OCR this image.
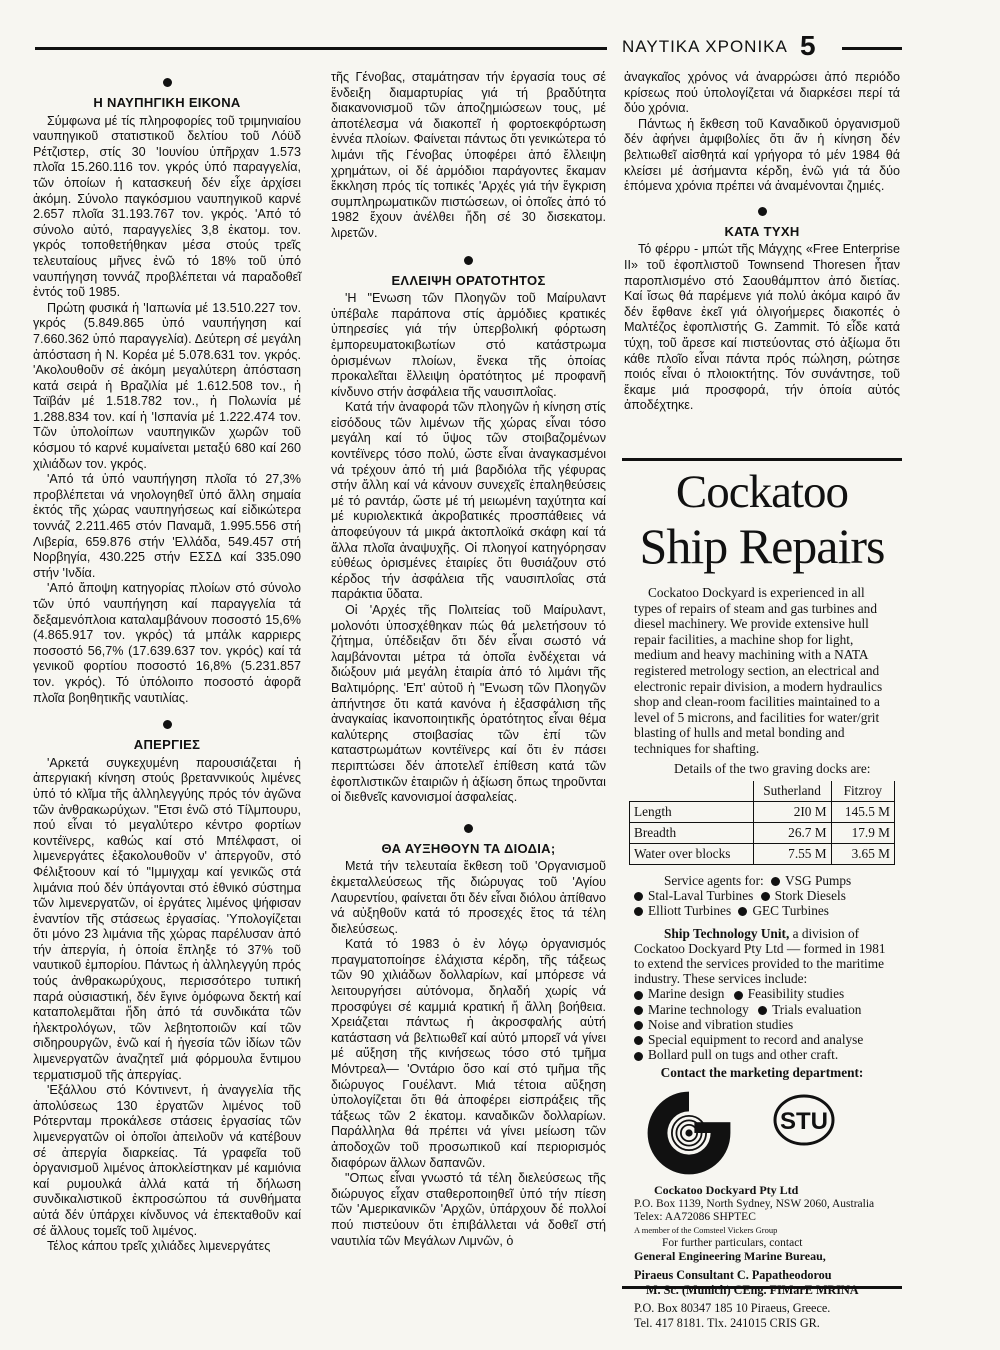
ΝΑΥΤΙΚΑ ΧΡΟΝΙΚΑ 5
Η ΝΑΥΠΗΓΙΚΗ ΕΙΚΟΝΑ

Σύμφωνα μέ τίς πληροφορίες τοῦ τριμηνιαίου ναυπηγικοῦ στατιστικοῦ δελτίου τοῦ Λόϋδ Ρέτζιστερ, στίς 30 'Ιουνίου ὑπῆρχαν 1.573 πλοῖα 15.260.116 τον. γκρός ὑπό παραγγελία, τῶν ὁποίων ἡ κατασκευή δέν εἶχε ἀρχίσει ἀκόμη. Σύνολο παγκόσμιου ναυπηγικοῦ καρνέ 2.657 πλοῖα 31.193.767 τον. γκρός. 'Από τό σύνολο αὐτό, παραγγελίες 3,8 ἑκατομ. τον. γκρός τοποθετήθηκαν μέσα στούς τρεῖς τελευταίους μῆνες ἐνῶ τό 18% τοῦ ὑπό ναυπήγηση τοννάζ προβλέπεται νά παραδοθεῖ ἐντός τοῦ 1985.

Πρώτη φυσικά ἡ 'Ιαπωνία μέ 13.510.227 τον. γκρός (5.849.865 ὑπό ναυπήγηση καί 7.660.362 ὑπό παραγγελία). Δεύτερη σέ μεγάλη ἀπόσταση ἡ Ν. Κορέα μέ 5.078.631 τον. γκρός. 'Ακολουθοῦν σέ ἀκόμη μεγαλύτερη ἀπόσταση κατά σειρά ἡ Βραζιλία μέ 1.612.508 τον., ἡ Ταϊβάν μέ 1.518.782 τον., ἡ Πολωνία μέ 1.288.834 τον. καί ἡ 'Ισπανία μέ 1.222.474 τον. Τῶν ὑπολοίπων ναυπηγικῶν χωρῶν τοῦ κόσμου τό καρνέ κυμαίνεται μεταξύ 680 καί 260 χιλιάδων τον. γκρός.

'Από τά ὑπό ναυπήγηση πλοῖα τό 27,3% προβλέπεται νά νηολογηθεῖ ὑπό ἄλλη σημαία ἐκτός τῆς χώρας ναυπηγήσεως καί εἰδικώτερα τοννάζ 2.211.465 στόν Παναμᾶ, 1.995.556 στή Λιβερία, 659.876 στήν 'Ελλάδα, 549.457 στή Νορβηγία, 430.225 στήν ΕΣΣΔ καί 335.090 στήν 'Ινδία.

'Από ἄποψη κατηγορίας πλοίων στό σύνολο τῶν ὑπό ναυπήγηση καί παραγγελία τά δεξαμενόπλοια καταλαμβάνουν ποσοστό 15,6% (4.865.917 τον. γκρός) τά μπάλκ καρριερς ποσοστό 56,7% (17.639.637 τον. γκρός) καί τά γενικοῦ φορτίου ποσοστό 16,8% (5.231.857 τον. γκρός). Τό ὑπόλοιπο ποσοστό ἀφορᾶ πλοῖα βοηθητικῆς ναυτιλίας.

ΑΠΕΡΓΙΕΣ

'Αρκετά συγκεχυμένη παρουσιάζεται ἡ ἀπεργιακή κίνηση στούς βρεταννικούς λιμένες ὑπό τό κλῖμα τῆς ἀλληλεγγύης πρός τόν ἀγῶνα τῶν ἀνθρακωρύχων. "Ετσι ἐνῶ στό Τίλμπουρυ, πού εἶναι τό μεγαλύτερο κέντρο φορτίων κοντέϊνερς, καθώς καί στό Μπέλφαστ, οἱ λιμενεργάτες ἐξακολουθοῦν ν' ἀπεργοῦν, στό Φέλιξτοουν καί τό "Ιμμιγχαμ καί γενικῶς στά λιμάνια πού δέν ὑπάγονται στό ἐθνικό σύστημα τῶν λιμενεργατῶν, οἱ ἐργάτες λιμένος ψήφισαν ἐναντίον τῆς στάσεως ἐργασίας. 'Υπολογίζεται ὅτι μόνο 23 λιμάνια τῆς χώρας παρέλυσαν ἀπό τήν ἀπεργία, ἡ ὁποία ἔπληξε τό 37% τοῦ ναυτικοῦ ἐμπορίου. Πάντως ἡ ἀλληλεγγύη πρός τούς ἀνθρακωρύχους, περισσότερο τυπική παρά οὐσιαστική, δέν ἔγινε ὁμόφωνα δεκτή καί καταπολεμᾶται ἤδη ἀπό τά συνδικάτα τῶν ἠλεκτρολόγων, τῶν λεβητοποιῶν καί τῶν σιδηρουργῶν, ἐνῶ καί ἡ ἡγεσία τῶν ἰδίων τῶν λιμενεργατῶν ἀναζητεῖ μιά φόρμουλα ἔντιμου τερματισμοῦ τῆς ἀπεργίας.

'Εξάλλου στό Κόντινεντ, ἡ ἀναγγελία τῆς ἀπολύσεως 130 ἐργατῶν λιμένος τοῦ Ρότερνταμ προκάλεσε στάσεις ἐργασίας τῶν λιμενεργατῶν οἱ ὁποῖοι ἀπειλοῦν νά κατέβουν σέ ἀπεργία διαρκείας. Τά γραφεῖα τοῦ ὀργανισμοῦ λιμένος ἀποκλείστηκαν μέ καμιόνια καί ρυμουλκά ἀλλά κατά τή δήλωση συνδικαλιστικοῦ ἐκπροσώπου τά συνθήματα αὐτά δέν ὑπάρχει κίνδυνος νά ἐπεκταθοῦν καί σέ ἄλλους τομεῖς τοῦ λιμένος.

Τέλος κάπου τρεῖς χιλιάδες λιμενεργάτες

τῆς Γένοβας, σταμάτησαν τήν ἐργασία τους σέ ἔνδειξη διαμαρτυρίας γιά τή βραδύτητα διακανονισμοῦ τῶν ἀποζημιώσεων τους, μέ ἀποτέλεσμα νά διακοπεῖ ἡ φορτοεκφόρτωση ἐννέα πλοίων. Φαίνεται πάντως ὅτι γενικώτερα τό λιμάνι τῆς Γένοβας ὑποφέρει ἀπό ἔλλειψη χρημάτων, οἱ δέ ἁρμόδιοι παράγοντες ἔκαμαν ἔκκληση πρός τίς τοπικές 'Αρχές γιά τήν ἔγκριση συμπληρωματικῶν πιστώσεων, οἱ ὁποῖες ἀπό τό 1982 ἔχουν ἀνέλθει ἤδη σέ 30 δισεκατομ. λιρετῶν.

ΕΛΛΕΙΨΗ ΟΡΑΤΟΤΗΤΟΣ

'Η "Ενωση τῶν Πλοηγῶν τοῦ Μαίρυλαντ ὑπέβαλε παράπονα στίς ἁρμόδιες κρατικές ὑπηρεσίες γιά τήν ὑπερβολική φόρτωση ἐμπορευματοκιβωτίων στό κατάστρωμα ὁρισμένων πλοίων, ἕνεκα τῆς ὁποίας προκαλεῖται ἔλλειψη ὁρατότητος μέ προφανῆ κίνδυνο στήν ἀσφάλεια τῆς ναυσιπλοΐας.

Κατά τήν ἀναφορά τῶν πλοηγῶν ἡ κίνηση στίς εἰσόδους τῶν λιμένων τῆς χώρας εἶναι τόσο μεγάλη καί τό ὕψος τῶν στοιβαζομένων κοντέϊνερς τόσο πολύ, ὥστε εἶναι ἀναγκασμένοι νά τρέχουν ἀπό τή μιά βαρδιόλα τῆς γέφυρας στήν ἄλλη καί νά κάνουν συνεχεῖς ἐπαληθεύσεις μέ τό ραντάρ, ὥστε μέ τή μειωμένη ταχύτητα καί μέ κυριολεκτικά ἀκροβατικές προσπάθειες νά ἀποφεύγουν τά μικρά ἀκτοπλοϊκά σκάφη καί τά ἄλλα πλοῖα ἀναψυχῆς. Οἱ πλοηγοί κατηγόρησαν εὐθέως ὁρισμένες ἑταιρίες ὅτι θυσιάζουν στό κέρδος τήν ἀσφάλεια τῆς ναυσιπλοΐας στά παράκτια ὕδατα.

Οἱ 'Αρχές τῆς Πολιτείας τοῦ Μαίρυλαντ, μολονότι ὑποσχέθηκαν πώς θά μελετήσουν τό ζήτημα, ὑπέδειξαν ὅτι δέν εἶναι σωστό νά λαμβάνονται μέτρα τά ὁποῖα ἐνδέχεται νά διώξουν μιά μεγάλη ἑταιρία ἀπό τό λιμάνι τῆς Βαλτιμόρης. 'Επ' αὐτοῦ ἡ "Ενωση τῶν Πλοηγῶν ἀπήντησε ὅτι κατά κανόνα ἡ ἐξασφάλιση τῆς ἀναγκαίας ἱκανοποιητικῆς ὁρατότητος εἶναι θέμα καλύτερης στοιβασίας τῶν ἐπί τῶν καταστρωμάτων κοντέϊνερς καί ὅτι ἐν πάσει περιπτώσει δέν ἀποτελεῖ ἐπίθεση κατά τῶν ἐφοπλιστικῶν ἑταιριῶν ἡ ἀξίωση ὅπως τηροῦνται οἱ διεθνεῖς κανονισμοί ἀσφαλείας.

ΘΑ ΑΥΞΗΘΟΥΝ ΤΑ ΔΙΟΔΙΑ;

Μετά τήν τελευταία ἔκθεση τοῦ 'Οργανισμοῦ ἐκμεταλλεύσεως τῆς διώρυγας τοῦ 'Αγίου Λαυρεντίου, φαίνεται ὅτι δέν εἶναι διόλου ἀπίθανο νά αὐξηθοῦν κατά τό προσεχές ἔτος τά τέλη διελεύσεως.

Κατά τό 1983 ὁ ἐν λόγῳ ὀργανισμός πραγματοποίησε ἐλάχιστα κέρδη, τῆς τάξεως τῶν 90 χιλιάδων δολλαρίων, καί μπόρεσε νά λειτουργήσει αὐτόνομα, δηλαδή χωρίς νά προσφύγει σέ καμμιά κρατική ἤ ἄλλη βοήθεια. Χρειάζεται πάντως ἡ ἀκροσφαλής αὐτή κατάσταση νά βελτιωθεῖ καί αὐτό μπορεῖ νά γίνει μέ αὔξηση τῆς κινήσεως τόσο στό τμῆμα Μόντρεαλ— 'Οντάριο ὅσο καί στό τμῆμα τῆς διώρυγος Γουέλαντ. Μιά τέτοια αὔξηση ὑπολογίζεται ὅτι θά ἀποφέρει εἰσπράξεις τῆς τάξεως τῶν 2 ἑκατομ. καναδικῶν δολλαρίων. Παράλληλα θά πρέπει νά γίνει μείωση τῶν ἀποδοχῶν τοῦ προσωπικοῦ καί περιορισμός διαφόρων ἄλλων δαπανῶν.

"Οπως εἶναι γνωστό τά τέλη διελεύσεως τῆς διώρυγος εἶχαν σταθεροποιηθεῖ ὑπό τήν πίεση τῶν 'Αμερικανικῶν 'Αρχῶν, ὑπάρχουν δέ πολλοί πού πιστεύουν ὅτι ἐπιβάλλεται νά δοθεῖ στή ναυτιλία τῶν Μεγάλων Λιμνῶν, ὁ

ἀναγκαῖος χρόνος νά ἀναρρώσει ἀπό περιόδο κρίσεως πού ὑπολογίζεται νά διαρκέσει περί τά δύο χρόνια.

Πάντως ἡ ἔκθεση τοῦ Καναδικοῦ ὀργανισμοῦ δέν ἀφήνει ἀμφιβολίες ὅτι ἄν ἡ κίνηση δέν βελτιωθεῖ αἰσθητά καί γρήγορα τό μέν 1984 θά κλείσει μέ ἀσήμαντα κέρδη, ἐνῶ γιά τά δύο ἑπόμενα χρόνια πρέπει νά ἀναμένονται ζημιές.

ΚΑΤΑ ΤΥΧΗ

Τό φέρρυ - μπώτ τῆς Μάγχης «Free Enterprise II» τοῦ ἐφοπλιστοῦ Townsend Thoresen ἦταν παροπλισμένο στό Σαουθάμπτον ἀπό διετίας. Καί ἴσως θά παρέμενε γιά πολύ ἀκόμα καιρό ἄν δέν ἔφθανε ἐκεῖ γιά ὀλιγοήμερες διακοπές ὁ Μαλτέζος ἐφοπλιστής G. Zammit. Τό εἶδε κατά τύχη, τοῦ ἄρεσε καί πιστεύοντας στό ἀξίωμα ὅτι κάθε πλοῖο εἶναι πάντα πρός πώληση, ρώτησε ποιός εἶναι ὁ πλοιοκτήτης. Τόν συνάντησε, τοῦ ἔκαμε μιά προσφορά, τήν ὁποία αὐτός ἀποδέχτηκε.

Cockatoo
Ship Repairs
Cockatoo Dockyard is experienced in all types of repairs of steam and gas turbines and diesel machinery. We provide extensive hull repair facilities, a machine shop for light, medium and heavy machining with a NATA registered metrology section, an electrical and electronic repair division, a modern hydraulics shop and clean-room facilities maintained to a level of 5 microns, and facilities for water/grit blasting of hulls and metal bonding and techniques for shafting.
Details of the two graving docks are:
	Sutherland	Fitzroy
Length	2I0 M	145.5 M
Breadth	26.7 M	17.9 M
Water over blocks	7.55 M	3.65 M
Service agents for: VSG Pumps
Stal-Laval Turbines Stork Diesels
Elliott Turbines GEC Turbines
Ship Technology Unit, a division of Cockatoo Dockyard Pty Ltd — formed in 1981 to extend the services provided to the maritime industry. These services include:
Marine design Feasibility studies
Marine technology Trials evaluation
Noise and vibration studies
Special equipment to record and analyse
Bollard pull on tugs and other craft.
Contact the marketing department:
STU
Cockatoo Dockyard Pty Ltd
P.O. Box 1139, North Sydney, NSW 2060, Australia
Telex: AA72086 SHPTEC
A member of the Comsteel Vickers Group
For further particulars, contact
General Engineering Marine Bureau,
Piraeus Consultant C. Papatheodorou
M. Sc. (Munich) CEng. FIMarE MRINA
P.O. Box 80347 185 10 Piraeus, Greece.
Tel. 417 8181. Tlx. 241015 CRIS GR.
